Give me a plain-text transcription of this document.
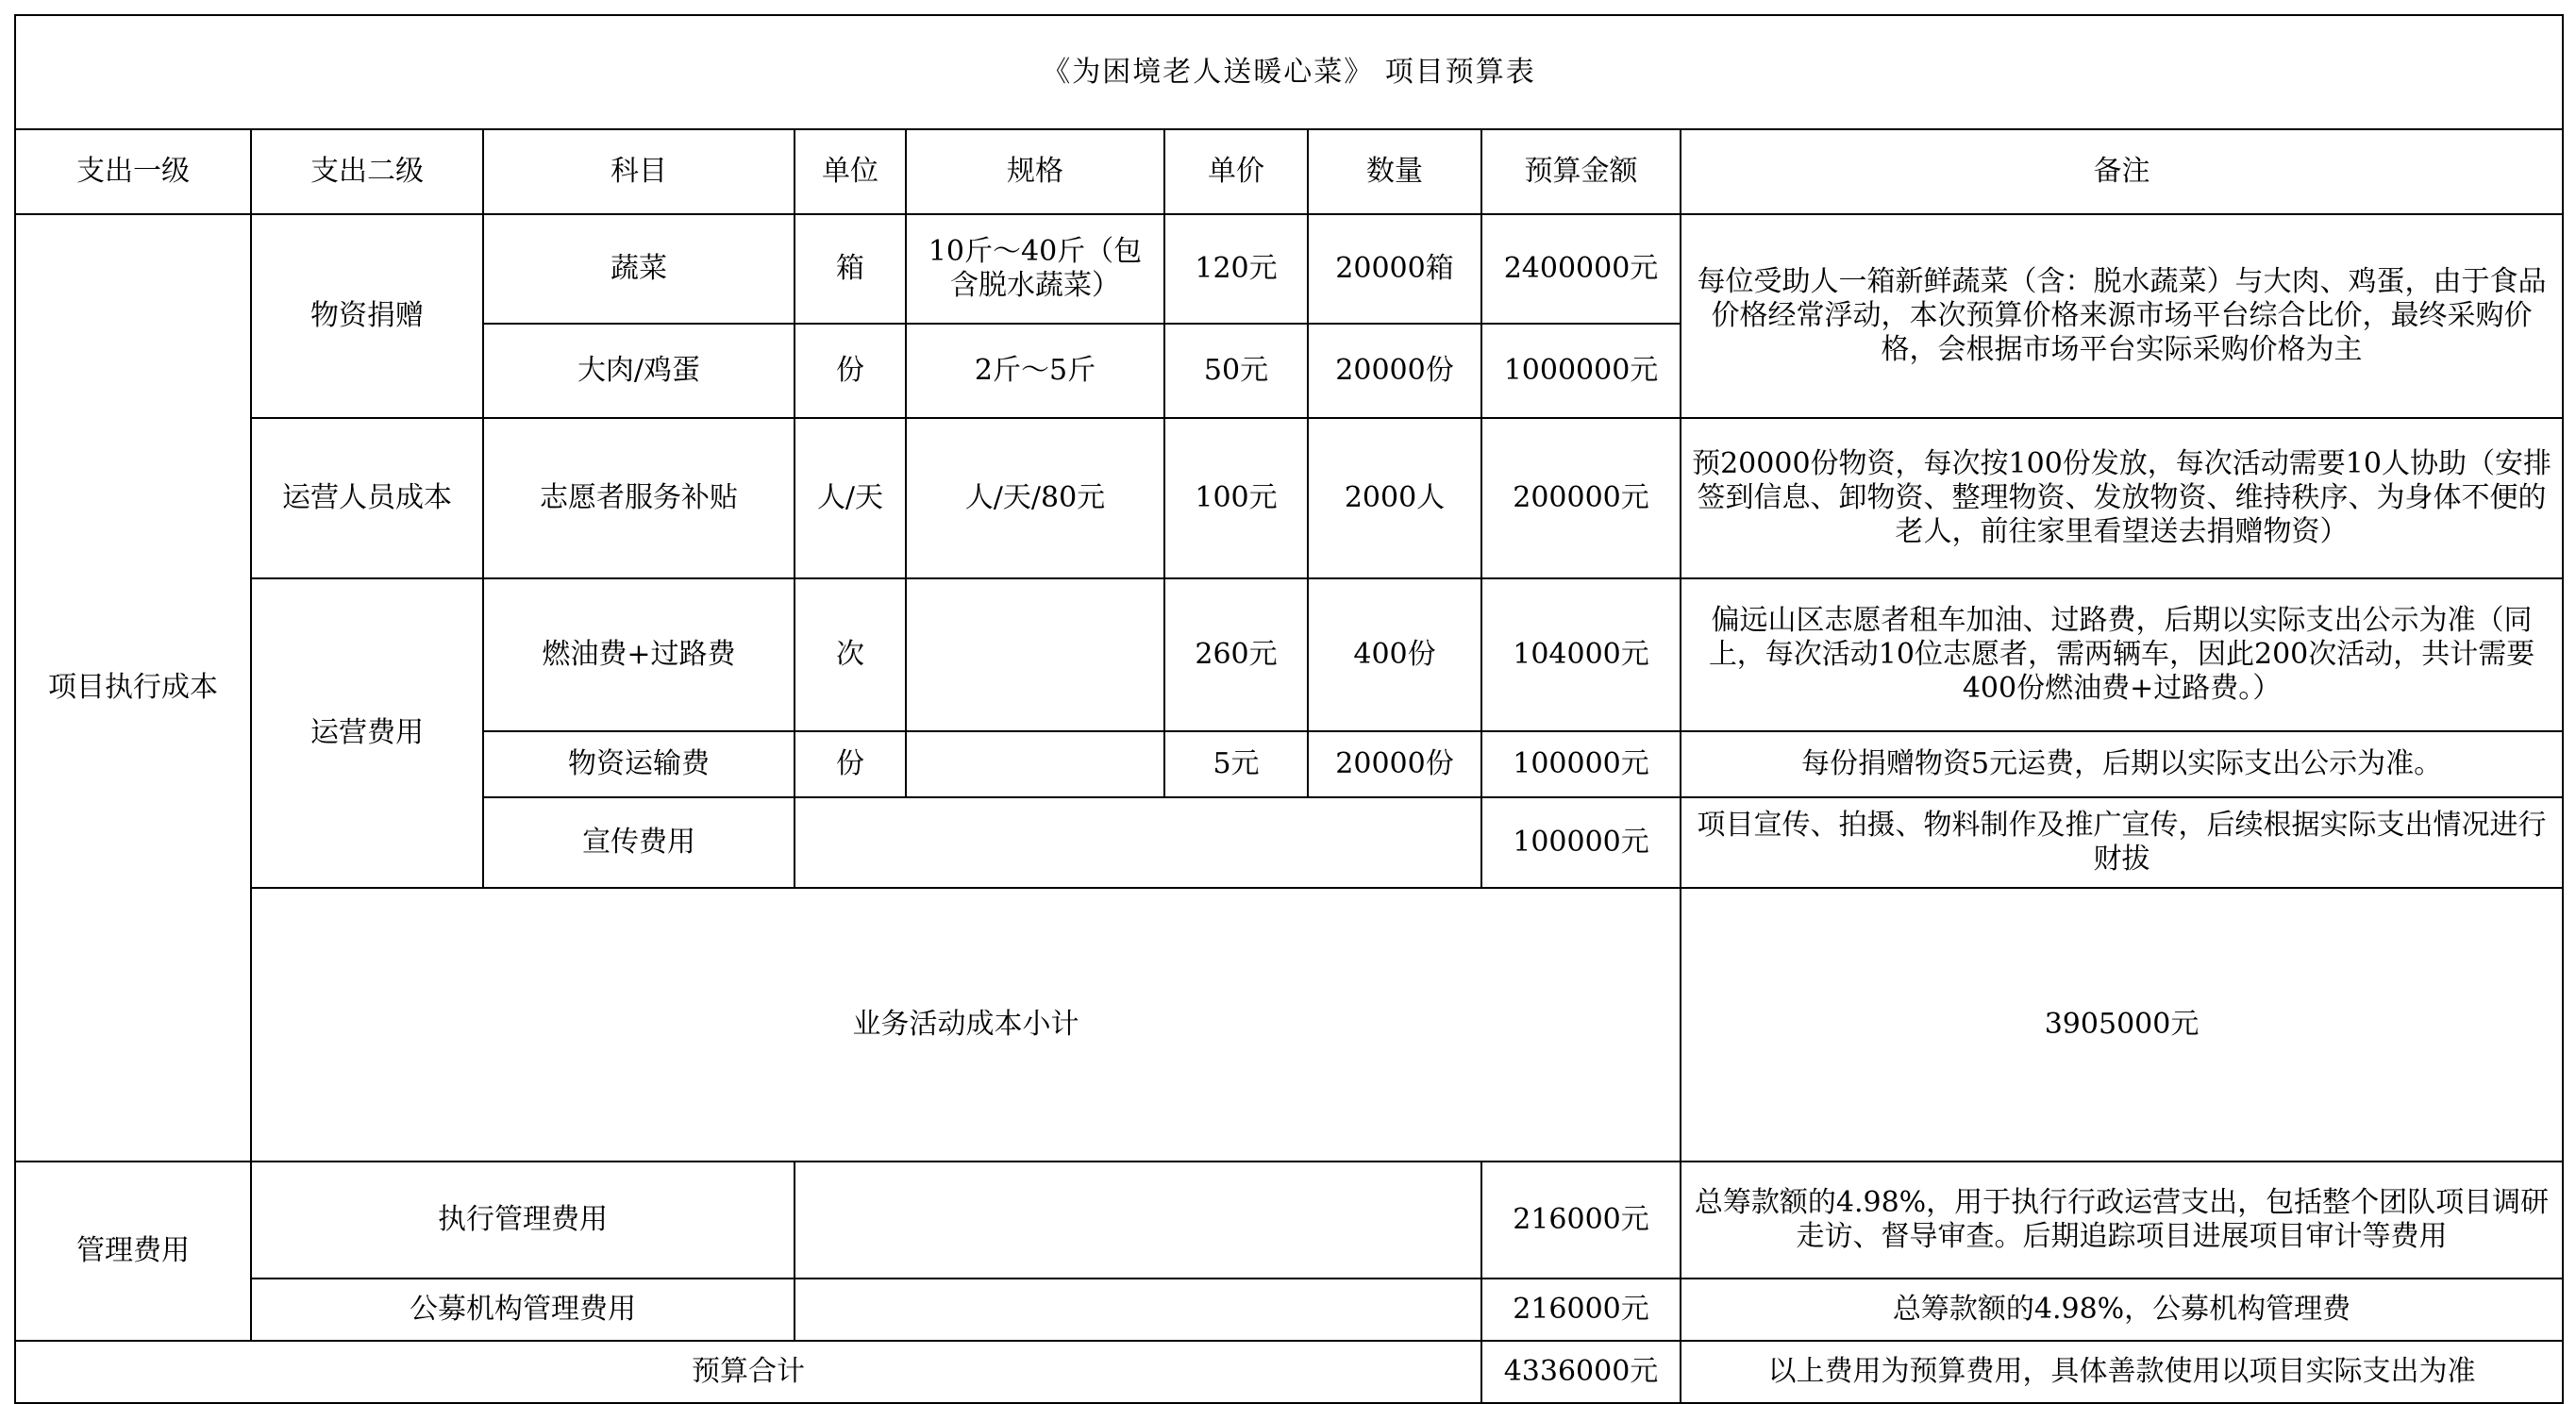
《为困境老人送暖心菜》 项目预算表									
支出一级	支出二级	科目	单位	规格	单价	数量	预算金额	备注	
项目执行成本	物资捐赠	蔬菜	箱	10斤～40斤（包含脱水蔬菜）	120元	20000箱	2400000元	每位受助人一箱新鲜蔬菜（含：脱水蔬菜）与大肉、鸡蛋，由于食品价格经常浮动，本次预算价格来源市场平台综合比价，最终采购价格，会根据市场平台实际采购价格为主	
		大肉/鸡蛋	份	2斤～5斤	50元	20000份	1000000元		
	运营人员成本	志愿者服务补贴	人/天	人/天/80元	100元	2000人	200000元	预20000份物资，每次按100份发放，每次活动需要10人协助（安排签到信息、卸物资、整理物资、发放物资、维持秩序、为身体不便的老人，前往家里看望送去捐赠物资）	
	运营费用	燃油费+过路费	次		260元	400份	104000元	偏远山区志愿者租车加油、过路费，后期以实际支出公示为准（同上，每次活动10位志愿者，需两辆车，因此200次活动，共计需要400份燃油费+过路费。）	
		物资运输费	份		5元	20000份	100000元	每份捐赠物资5元运费，后期以实际支出公示为准。	
		宣传费用					100000元	项目宣传、拍摄、物料制作及推广宣传，后续根据实际支出情况进行财拔	
	业务活动成本小计							3905000元	
管理费用	执行管理费用						216000元	总筹款额的4.98%，用于执行行政运营支出，包括整个团队项目调研走访、督导审查。后期追踪项目进展项目审计等费用	
	公募机构管理费用						216000元	总筹款额的4.98%，公募机构管理费	
预算合计							4336000元	以上费用为预算费用，具体善款使用以项目实际支出为准	
